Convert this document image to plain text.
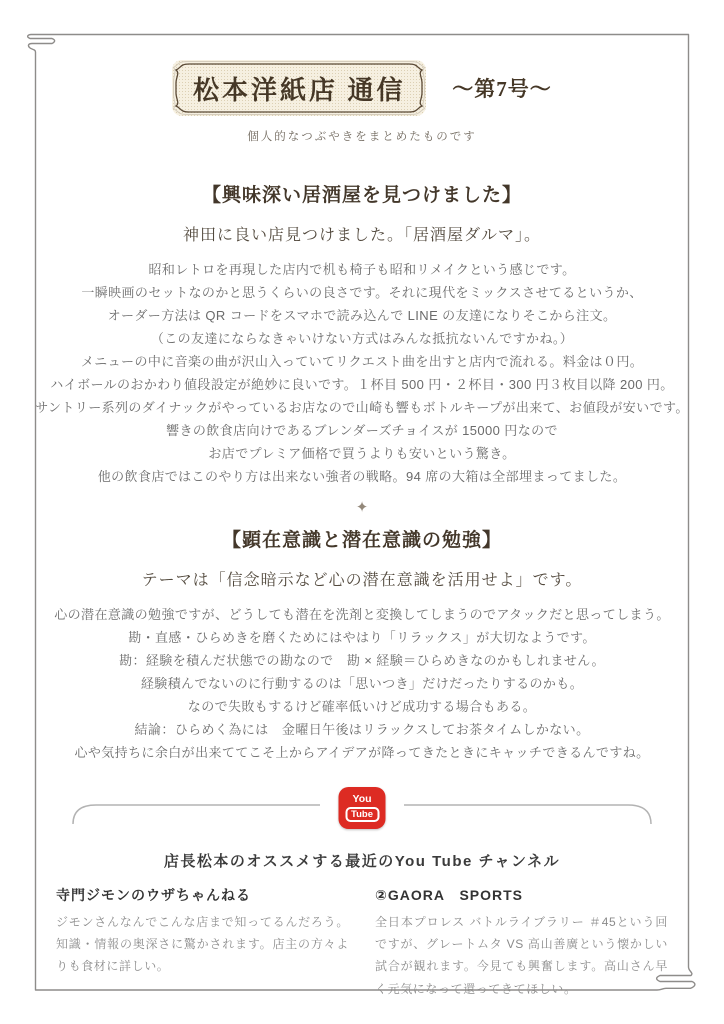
松本洋紙店 通信 〜第7号〜
個人的なつぶやきをまとめたものです
【興味深い居酒屋を見つけました】

神田に良い店見つけました。「居酒屋ダルマ」。

昭和レトロを再現した店内で机も椅子も昭和リメイクという感じです。
一瞬映画のセットなのかと思うくらいの良さです。それに現代をミックスさせてるというか、
オーダー方法は QR コードをスマホで読み込んで LINE の友達になりそこから注文。
（この友達にならなきゃいけない方式はみんな抵抗ないんですかね。）
メニューの中に音楽の曲が沢山入っていてリクエスト曲を出すと店内で流れる。料金は０円。
ハイボールのおかわり値段設定が絶妙に良いです。１杯目 500 円・２杯目・300 円３枚目以降 200 円。
サントリー系列のダイナックがやっているお店なので山崎も響もボトルキープが出来て、お値段が安いです。
響きの飲食店向けであるブレンダーズチョイスが 15000 円なので
お店でプレミア価格で買うよりも安いという驚き。
他の飲食店ではこのやり方は出来ない強者の戦略。94 席の大箱は全部埋まってました。
✦
【顕在意識と潜在意識の勉強】

テーマは「信念暗示など心の潜在意識を活用せよ」です。

心の潜在意識の勉強ですが、どうしても潜在を洗剤と変換してしまうのでアタックだと思ってしまう。
勘・直感・ひらめきを磨くためにはやはり「リラックス」が大切なようです。
勘：経験を積んだ状態での勘なので　勘 × 経験＝ひらめきなのかもしれません。
経験積んでないのに行動するのは「思いつき」だけだったりするのかも。
なので失敗もするけど確率低いけど成功する場合もある。
結論：ひらめく為には　金曜日午後はリラックスしてお茶タイムしかない。
心や気持ちに余白が出来ててこそ上からアイデアが降ってきたときにキャッチできるんですね。
You
Tube
店長松本のオススメする最近のYou Tube チャンネル
寺門ジモンのウザちゃんねる

ジモンさんなんでこんな店まで知ってるんだろう。知識・情報の奥深さに驚かされます。店主の方々よりも食材に詳しい。

②GAORA　SPORTS

全日本プロレス バトルライブラリー ＃45という回ですが、グレートムタ VS 高山善廣という懐かしい試合が観れます。今見ても興奮します。高山さん早く元気になって還ってきてほしい。
